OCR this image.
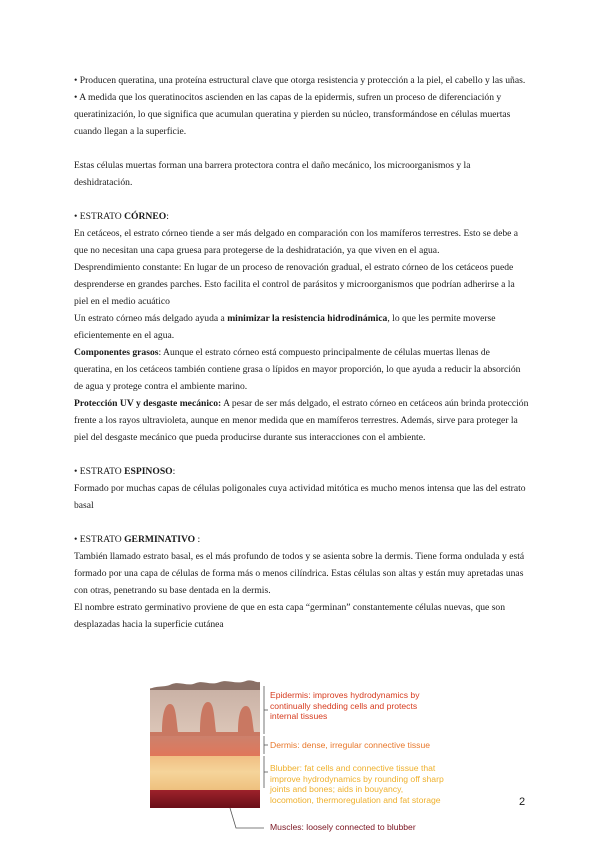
• Producen queratina, una proteína estructural clave que otorga resistencia y protección a la piel, el cabello y las uñas.

• A medida que los queratinocitos ascienden en las capas de la epidermis, sufren un proceso de diferenciación y queratinización, lo que significa que acumulan queratina y pierden su núcleo, transformándose en células muertas cuando llegan a la superficie.

Estas células muertas forman una barrera protectora contra el daño mecánico, los microorganismos y la deshidratación.

• ESTRATO CÓRNEO:

En cetáceos, el estrato córneo tiende a ser más delgado en comparación con los mamíferos terrestres. Esto se debe a que no necesitan una capa gruesa para protegerse de la deshidratación, ya que viven en el agua.

Desprendimiento constante: En lugar de un proceso de renovación gradual, el estrato córneo de los cetáceos puede desprenderse en grandes parches. Esto facilita el control de parásitos y microorganismos que podrían adherirse a la piel en el medio acuático

Un estrato córneo más delgado ayuda a minimizar la resistencia hidrodinámica, lo que les permite moverse eficientemente en el agua.

Componentes grasos: Aunque el estrato córneo está compuesto principalmente de células muertas llenas de queratina, en los cetáceos también contiene grasa o lípidos en mayor proporción, lo que ayuda a reducir la absorción de agua y protege contra el ambiente marino.

Protección UV y desgaste mecánico: A pesar de ser más delgado, el estrato córneo en cetáceos aún brinda protección frente a los rayos ultravioleta, aunque en menor medida que en mamíferos terrestres. Además, sirve para proteger la piel del desgaste mecánico que pueda producirse durante sus interacciones con el ambiente.

• ESTRATO ESPINOSO:

Formado por muchas capas de células poligonales cuya actividad mitótica es mucho menos intensa que las del estrato basal

• ESTRATO GERMINATIVO :

También llamado estrato basal, es el más profundo de todos y se asienta sobre la dermis. Tiene forma ondulada y está formado por una capa de células de forma más o menos cilíndrica. Estas células son altas y están muy apretadas unas con otras, penetrando su base dentada en la dermis.

El nombre estrato germinativo proviene de que en esta capa “germinan” constantemente células nuevas, que son desplazadas hacia la superficie cutánea

Epidermis: improves hydrodynamics by continually shedding cells and protects internal tissues
Dermis: dense, irregular connective tissue
Blubber: fat cells and connective tissue that improve hydrodynamics by rounding off sharp joints and bones; aids in bouyancy, locomotion, thermoregulation and fat storage
Muscles: loosely connected to blubber
2
